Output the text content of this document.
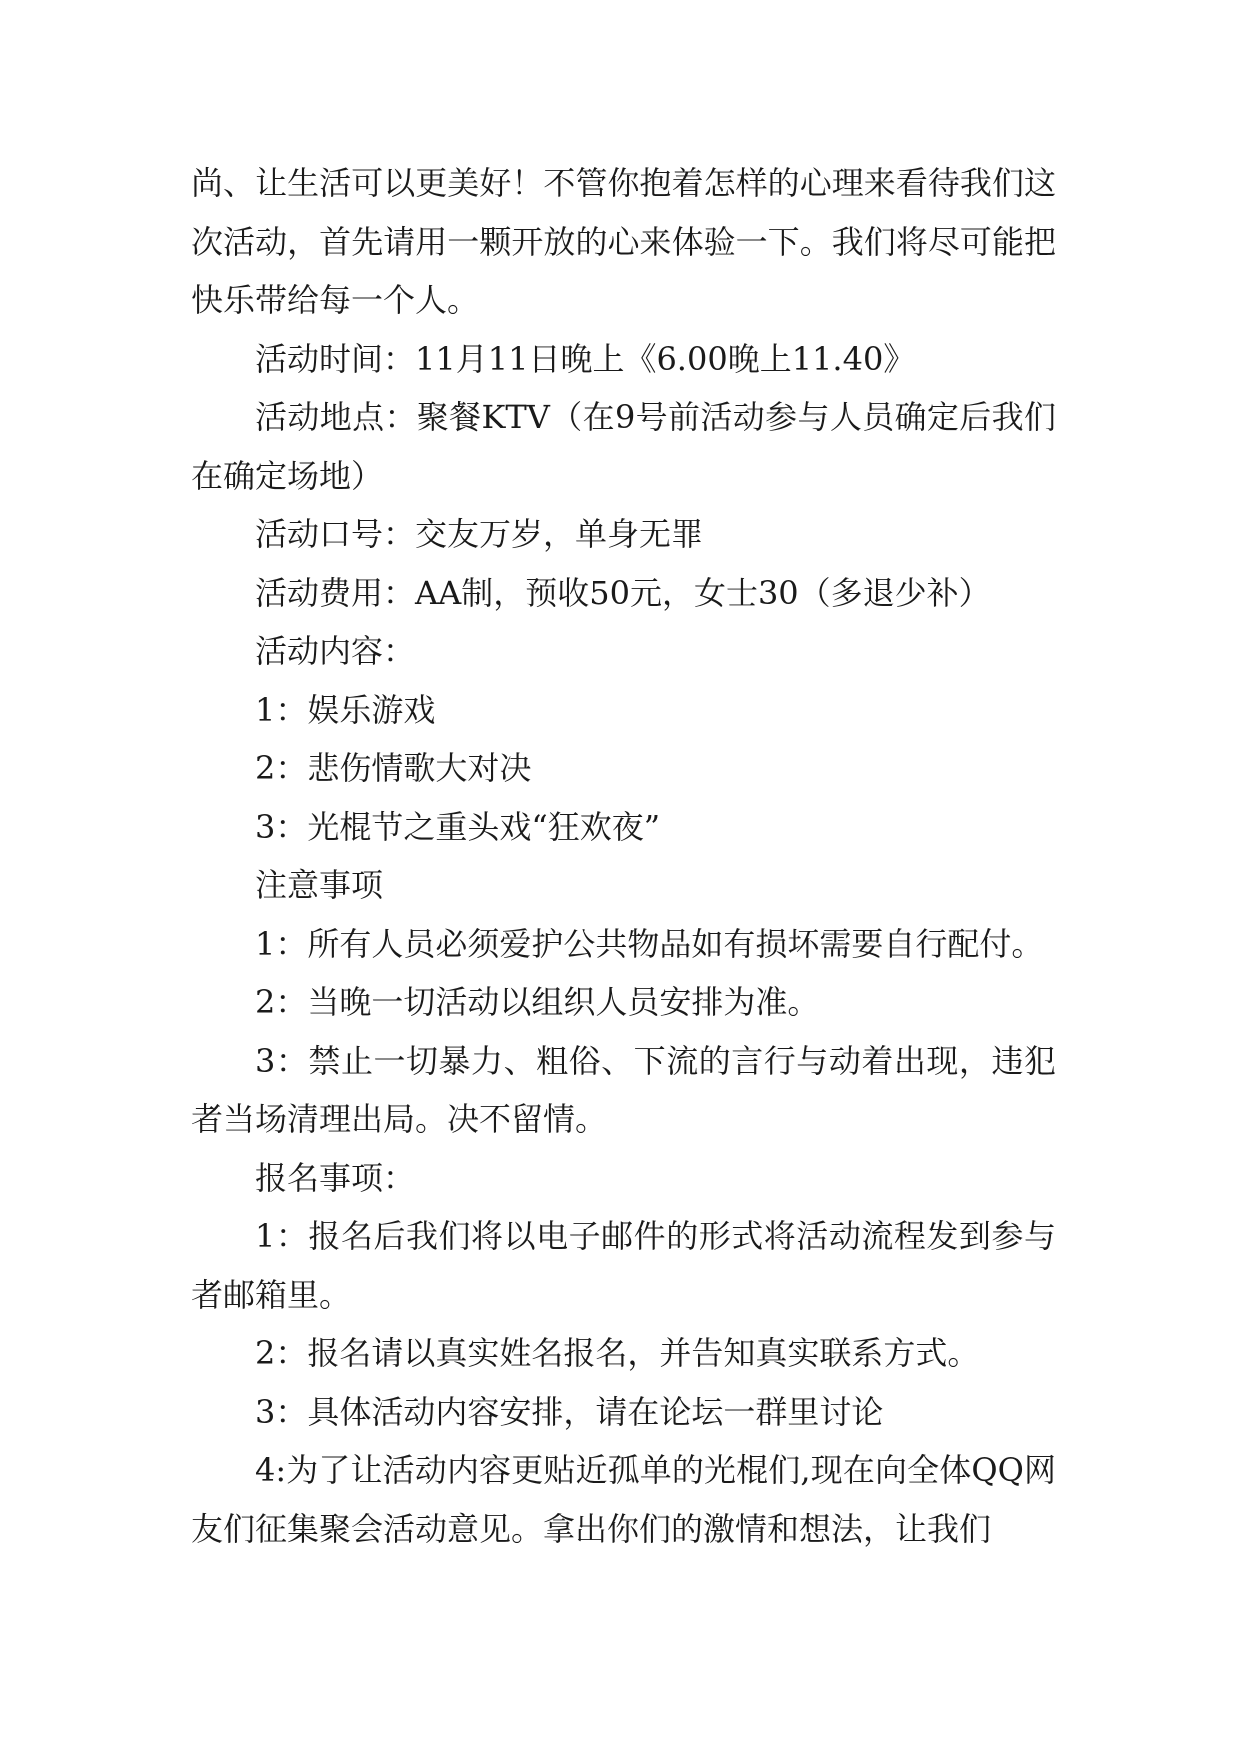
尚、让生活可以更美好！不管你抱着怎样的心理来看待我们这次活动，首先请用一颗开放的心来体验一下。我们将尽可能把快乐带给每一个人。

活动时间：11月11日晚上《6.00晚上11.40》

活动地点：聚餐KTV（在9号前活动参与人员确定后我们在确定场地）

活动口号：交友万岁，单身无罪

活动费用：AA制，预收50元，女士30（多退少补）

活动内容：

1：娱乐游戏

2：悲伤情歌大对决

3：光棍节之重头戏“狂欢夜”

注意事项

1：所有人员必须爱护公共物品如有损坏需要自行配付。

2：当晚一切活动以组织人员安排为准。

3：禁止一切暴力、粗俗、下流的言行与动着出现，违犯者当场清理出局。决不留情。

报名事项：

1：报名后我们将以电子邮件的形式将活动流程发到参与者邮箱里。

2：报名请以真实姓名报名，并告知真实联系方式。

3：具体活动内容安排，请在论坛一群里讨论

4:为了让活动内容更贴近孤单的光棍们,现在向全体QQ网友们征集聚会活动意见。拿出你们的激情和想法，让我们
